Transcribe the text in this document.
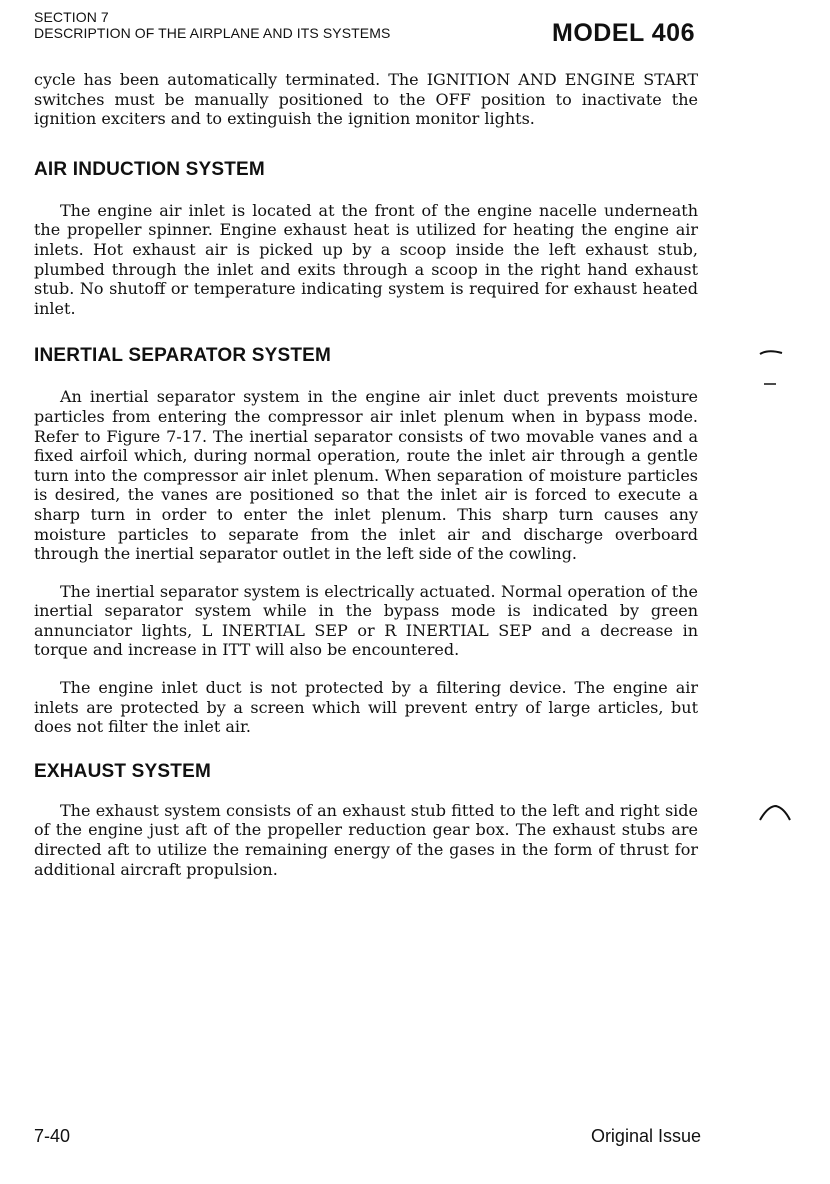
SECTION 7
DESCRIPTION OF THE AIRPLANE AND ITS SYSTEMS	MODEL 406

cycle has been automatically terminated. The IGNITION AND ENGINE START switches must be manually positioned to the OFF position to inactivate the ignition exciters and to extinguish the ignition monitor lights.

AIR INDUCTION SYSTEM

The engine air inlet is located at the front of the engine nacelle underneath the propeller spinner. Engine exhaust heat is utilized for heating the engine air inlets. Hot exhaust air is picked up by a scoop inside the left exhaust stub, plumbed through the inlet and exits through a scoop in the right hand exhaust stub. No shutoff or temperature indicating system is required for exhaust heated inlet.

INERTIAL SEPARATOR SYSTEM

An inertial separator system in the engine air inlet duct prevents moisture particles from entering the compressor air inlet plenum when in bypass mode. Refer to Figure 7-17. The inertial separator consists of two movable vanes and a fixed airfoil which, during normal operation, route the inlet air through a gentle turn into the compressor air inlet plenum. When separation of moisture particles is desired, the vanes are positioned so that the inlet air is forced to execute a sharp turn in order to enter the inlet plenum. This sharp turn causes any moisture particles to separate from the inlet air and discharge overboard through the inertial separator outlet in the left side of the cowling.

The inertial separator system is electrically actuated. Normal operation of the inertial separator system while in the bypass mode is indicated by green annunciator lights, L INERTIAL SEP or R INERTIAL SEP and a decrease in torque and increase in ITT will also be encountered.

The engine inlet duct is not protected by a filtering device. The engine air inlets are protected by a screen which will prevent entry of large articles, but does not filter the inlet air.

EXHAUST SYSTEM

The exhaust system consists of an exhaust stub fitted to the left and right side of the engine just aft of the propeller reduction gear box. The exhaust stubs are directed aft to utilize the remaining energy of the gases in the form of thrust for additional aircraft propulsion.

7-40	Original Issue
